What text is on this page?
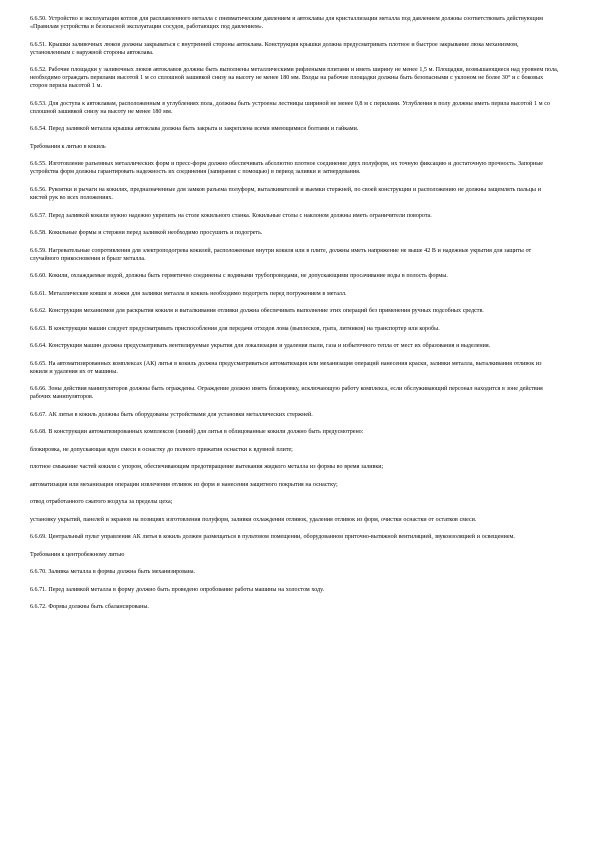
6.6.50. Устройство и эксплуатация котлов для расплавленного металла с пневматическим давлением и автоклавы для кристаллизации металла под давлением должны соответствовать действующим «Правилам устройства и безопасной эксплуатации сосудов, работающих под давлением».

6.6.51. Крышки заливочных люков должны закрываться с внутренней стороны автоклава. Конструкция крышки должна предусматривать плотное и быстрое закрывание люка механизмом, установленным с наружной стороны автоклава.

6.6.52. Рабочие площадки у заливочных люков автоклавов должны быть выполнены металлическими рифлеными плитами и иметь ширину не менее 1,5 м. Площадки, возвышающиеся над уровнем пола, необходимо ограждать перилами высотой 1 м со сплошной зашивкой снизу на высоту не менее 180 мм. Входы на рабочие площадки должны быть безопасными с уклоном не более 30° и с боковых сторон перила высотой 1 м.

6.6.53. Для доступа к автоклавам, расположенным в углублениях пола, должны быть устроены лестницы шириной не менее 0,8 м с перилами. Углубления в полу должны иметь перила высотой 1 м со сплошной зашивкой снизу на высоту не менее 180 мм.

6.6.54. Перед заливкой металла крышка автоклава должна быть закрыта и закреплена всеми имеющимися болтами и гайками.

Требования к литью в кокиль

6.6.55. Изготовление разъемных металлических форм и пресс-форм должно обеспечивать абсолютно плотное соединение двух полуформ, их точную фиксацию и достаточную прочность. Запорные устройства форм должны гарантировать надежность их соединения (запирание с помощью) в период заливки и затвердевания.

6.6.56. Рукоятки и рычаги на кокилях, предназначенные для замков разъема полуформ, выталкивателей и выемки стержней, по своей конструкции и расположению не должны защемлять пальцы и кистей рук во всех положениях.

6.6.57. Перед заливкой кокили нужно надежно укрепить на столе кокильного станка. Кокильные столы с наклоном должны иметь ограничители поворота.

6.6.58. Кокильные формы и стержни перед заливкой необходимо просушить и подогреть.

6.6.59. Нагревательные сопротивления для электроподогрева кокилей, расположенные внутри кокиля или в плите, должны иметь напряжение не выше 42 В и надежные укрытия для защиты от случайного прикосновения и брызг металла.

6.6.60. Кокили, охлаждаемые водой, должны быть герметично соединены с водяными трубопроводами, не допускающими просачивание воды в полость формы.

6.6.61. Металлические ковши и ложки для заливки металла в кокиль необходимо подогреть перед погружением в металл.

6.6.62. Конструкция механизмов для раскрытия кокиля и выталкивания отливки должна обеспечивать выполнение этих операций без применения ручных подсобных средств.

6.6.63. В конструкции машин следует предусматривать приспособления для передачи отходов лома (выплесков, грата, литников) на транспортер или коробы.

6.6.64. Конструкция машин должна предусматривать вентилируемые укрытия для локализации и удаления пыли, газа и избыточного тепла от мест их образования и выделения.

6.6.65. На автоматизированных комплексах (АК) литья в кокиль должна предусматриваться автоматизация или механизация операций нанесения краски, заливки металла, выталкивания отливок из кокиля и удаления их от машины.

6.6.66. Зоны действия манипуляторов должны быть ограждены. Ограждение должно иметь блокировку, исключающую работу комплекса, если обслуживающий персонал находится в зоне действия рабочих манипуляторов.

6.6.67. АК литья в кокиль должны быть оборудованы устройствами для установки металлических стержней.

6.6.68. В конструкции автоматизированных комплексов (линий) для литья в облицованные кокили должно быть предусмотрено:

блокировка, не допускающая вдув смеси в оснастку до полного прижатия оснастки к вдувной плите;

плотное смыкание частей кокиля с упором, обеспечивающим предотвращение вытекания жидкого металла из формы во время заливки;

автоматизация или механизация операции извлечения отливок из форм и нанесения защитного покрытия на оснастку;

отвод отработанного сжатого воздуха за пределы цеха;

установку укрытий, панелей и экранов на позициях изготовления полуформ, заливки охлаждения отливок, удаления отливок из форм, очистки оснастки от остатков смеси.

6.6.69. Центральный пульт управления АК литья в кокиль должен размещаться в пультовом помещении, оборудованном приточно-вытяжной вентиляцией, звукоизоляцией и освещением.

Требования к центробежному литью

6.6.70. Заливка металла в формы должна быть механизирована.

6.6.71. Перед заливкой металла в форму должно быть проведено опробование работы машины на холостом ходу.

6.6.72. Формы должны быть сбалансированы.
